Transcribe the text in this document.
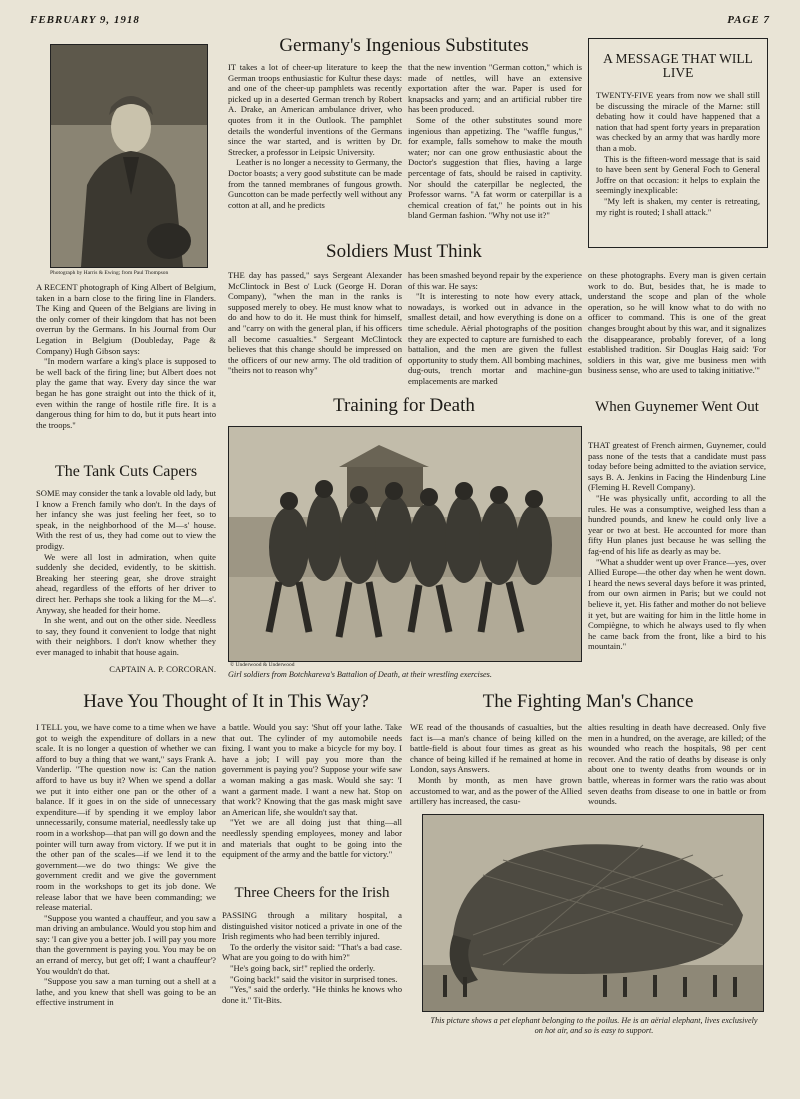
FEBRUARY 9, 1918	PAGE 7
Photograph by Harris & Ewing; from Paul Thompson
Germany's Ingenious Substitutes

IT takes a lot of cheer-up literature to keep the German troops enthusiastic for Kultur these days: and one of the cheer-up pamphlets was recently picked up in a deserted German trench by Robert A. Drake, an American ambulance driver, who quotes from it in the Outlook. The pamphlet details the wonderful inventions of the Germans since the war started, and is written by Dr. Strecker, a professor in Leipsic University.

Leather is no longer a necessity to Germany, the Doctor boasts; a very good substitute can be made from the tanned membranes of fungous growth. Guncotton can be made perfectly well without any cotton at all, and he predicts

that the new invention "German cotton," which is made of nettles, will have an extensive exportation after the war. Paper is used for knapsacks and yarn; and an artificial rubber tire has been produced.

Some of the other substitutes sound more ingenious than appetizing. The "waffle fungus," for example, falls somehow to make the mouth water; nor can one grow enthusiastic about the Doctor's suggestion that flies, having a large percentage of fats, should be raised in captivity. Nor should the caterpillar be neglected, the Professor warns. "A fat worm or caterpillar is a chemical creation of fat," he points out in his bland German fashion. "Why not use it?"

A MESSAGE THAT WILL LIVE

TWENTY-FIVE years from now we shall still be discussing the miracle of the Marne: still debating how it could have happened that a nation that had spent forty years in preparation was checked by an army that was hardly more than a mob.

This is the fifteen-word message that is said to have been sent by General Foch to General Joffre on that occasion: it helps to explain the seemingly inexplicable:

"My left is shaken, my center is retreating, my right is routed; I shall attack."

Soldiers Must Think

THE day has passed," says Sergeant Alexander McClintock in Best o' Luck (George H. Doran Company), "when the man in the ranks is supposed merely to obey. He must know what to do and how to do it. He must think for himself, and "carry on with the general plan, if his officers all become casualties." Sergeant McClintock believes that this change should be impressed on the officers of our new army. The old tradition of "theirs not to reason why"

has been smashed beyond repair by the experience of this war. He says:

"It is interesting to note how every attack, nowadays, is worked out in advance in the smallest detail, and how everything is done on a time schedule. Aërial photographs of the position they are expected to capture are furnished to each battalion, and the men are given the fullest opportunity to study them. All bombing machines, dug-outs, trench mortar and machine-gun emplacements are marked

on these photographs. Every man is given certain work to do. But, besides that, he is made to understand the scope and plan of the whole operation, so he will know what to do with no officer to command. This is one of the great changes brought about by this war, and it signalizes the disappearance, probably forever, of a long established tradition. Sir Douglas Haig said: 'For soldiers in this war, give me business men with business sense, who are used to taking initiative.'"

A RECENT photograph of King Albert of Belgium, taken in a barn close to the firing line in Flanders. The King and Queen of the Belgians are living in the only corner of their kingdom that has not been overrun by the Germans. In his Journal from Our Legation in Belgium (Doubleday, Page & Company) Hugh Gibson says:

"In modern warfare a king's place is supposed to be well back of the firing line; but Albert does not play the game that way. Every day since the war began he has gone straight out into the thick of it, even within the range of hostile rifle fire. It is a dangerous thing for him to do, but it puts heart into the troops."

The Tank Cuts Capers

SOME may consider the tank a lovable old lady, but I know a French family who don't. In the days of her infancy she was just feeling her feet, so to speak, in the neighborhood of the M—s' house. With the rest of us, they had come out to view the prodigy.

We were all lost in admiration, when quite suddenly she decided, evidently, to be skittish. Breaking her steering gear, she drove straight ahead, regardless of the efforts of her driver to direct her. Perhaps she took a liking for the M—s'. Anyway, she headed for their home.

In she went, and out on the other side. Needless to say, they found it convenient to lodge that night with their neighbors. I don't know whether they ever managed to inhabit that house again.

CAPTAIN A. P. CORCORAN.
Training for Death
© Underwood & Underwood
Girl soldiers from Botchkareva's Battalion of Death, at their wrestling exercises.
When Guynemer Went Out

THAT greatest of French airmen, Guynemer, could pass none of the tests that a candidate must pass today before being admitted to the aviation service, says B. A. Jenkins in Facing the Hindenburg Line (Fleming H. Revell Company).

"He was physically unfit, according to all the rules. He was a consumptive, weighed less than a hundred pounds, and knew he could only live a year or two at best. He accounted for more than fifty Hun planes just because he was selling the fag-end of his life as dearly as may be.

"What a shudder went up over France—yes, over Allied Europe—the other day when he went down. I heard the news several days before it was printed, from our own airmen in Paris; but we could not believe it, yet. His father and mother do not believe it yet, but are waiting for him in the little home in Compiègne, to which he always used to fly when he came back from the front, like a bird to his mountain."

Have You Thought of It in This Way?

I TELL you, we have come to a time when we have got to weigh the expenditure of dollars in a new scale. It is no longer a question of whether we can afford to buy a thing that we want," says Frank A. Vanderlip. "The question now is: Can the nation afford to have us buy it? When we spend a dollar we put it into either one pan or the other of a balance. If it goes in on the side of unnecessary expenditure—if by spending it we employ labor unnecessarily, consume material, needlessly take up room in a workshop—that pan will go down and the pointer will turn away from victory. If we put it in the other pan of the scales—if we lend it to the government—we do two things: We give the government credit and we give the government room in the workshops to get its job done. We release labor that we have been commanding; we release material.

"Suppose you wanted a chauffeur, and you saw a man driving an ambulance. Would you stop him and say: 'I can give you a better job. I will pay you more than the government is paying you. You may be on an errand of mercy, but get off; I want a chauffeur'? You wouldn't do that.

"Suppose you saw a man turning out a shell at a lathe, and you knew that shell was going to be an effective instrument in

a battle. Would you say: 'Shut off your lathe. Take that out. The cylinder of my automobile needs fixing. I want you to make a bicycle for my boy. I have a job; I will pay you more than the government is paying you'? Suppose your wife saw a woman making a gas mask. Would she say: 'I want a garment made. I want a new hat. Stop on that work'? Knowing that the gas mask might save an American life, she wouldn't say that.

"Yet we are all doing just that thing—all needlessly spending employees, money and labor and materials that ought to be going into the equipment of the army and the battle for victory."

Three Cheers for the Irish

PASSING through a military hospital, a distinguished visitor noticed a private in one of the Irish regiments who had been terribly injured.

To the orderly the visitor said: "That's a bad case. What are you going to do with him?"

"He's going back, sir!" replied the orderly.

"Going back!" said the visitor in surprised tones.

"Yes," said the orderly. "He thinks he knows who done it." Tit-Bits.

The Fighting Man's Chance

WE read of the thousands of casualties, but the fact is—a man's chance of being killed on the battle-field is about four times as great as his chance of being killed if he remained at home in London, says Answers.

Month by month, as men have grown accustomed to war, and as the power of the Allied artillery has increased, the casu-

alties resulting in death have decreased. Only five men in a hundred, on the average, are killed; of the wounded who reach the hospitals, 98 per cent recover. And the ratio of deaths by disease is only about one to twenty deaths from wounds or in battle, whereas in former wars the ratio was about seven deaths from disease to one in battle or from wounds.

This picture shows a pet elephant belonging to the poilus. He is an aërial elephant, lives exclusively on hot air, and so is easy to support.
